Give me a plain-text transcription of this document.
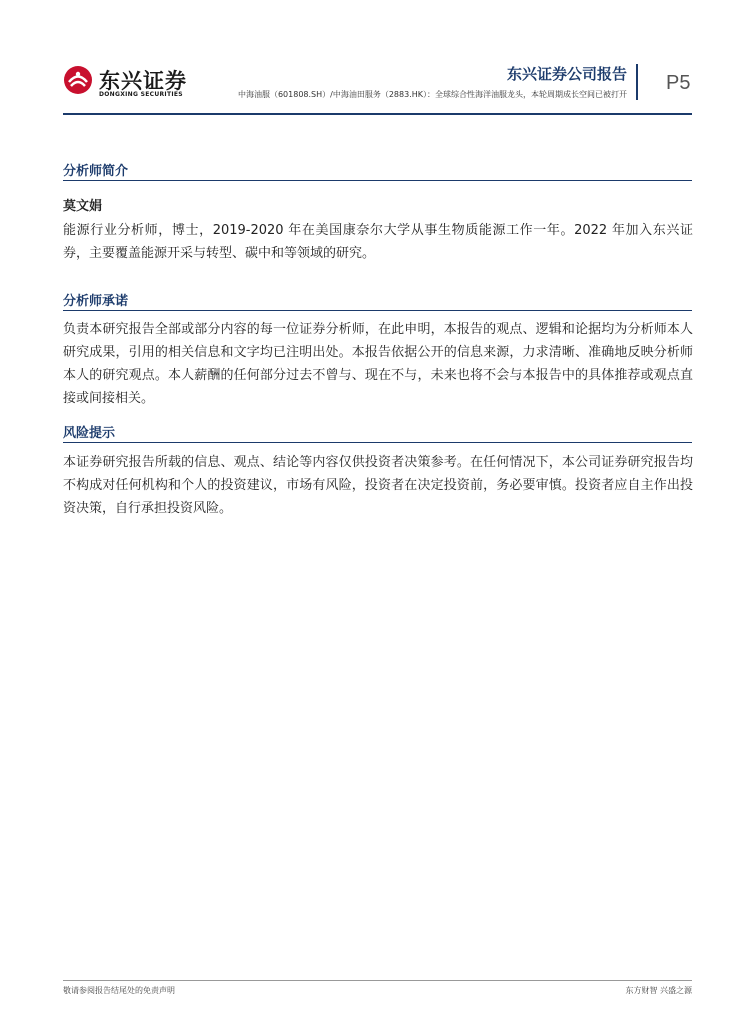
东兴证券
DONGXING SECURITIES
东兴证券公司报告
中海油服（601808.SH）/中海油田服务（2883.HK）：全球综合性海洋油服龙头，本轮周期成长空间已被打开
P5
分析师简介
莫文娟

能源行业分析师，博士，2019-2020 年在美国康奈尔大学从事生物质能源工作一年。2022 年加入东兴证券，主要覆盖能源开采与转型、碳中和等领域的研究。

分析师承诺

负责本研究报告全部或部分内容的每一位证券分析师，在此申明，本报告的观点、逻辑和论据均为分析师本人研究成果，引用的相关信息和文字均已注明出处。本报告依据公开的信息来源，力求清晰、准确地反映分析师本人的研究观点。本人薪酬的任何部分过去不曾与、现在不与，未来也将不会与本报告中的具体推荐或观点直接或间接相关。

风险提示

本证券研究报告所载的信息、观点、结论等内容仅供投资者决策参考。在任何情况下，本公司证券研究报告均不构成对任何机构和个人的投资建议，市场有风险，投资者在决定投资前，务必要审慎。投资者应自主作出投资决策，自行承担投资风险。

敬请参阅报告结尾处的免责声明	东方财智 兴盛之源
